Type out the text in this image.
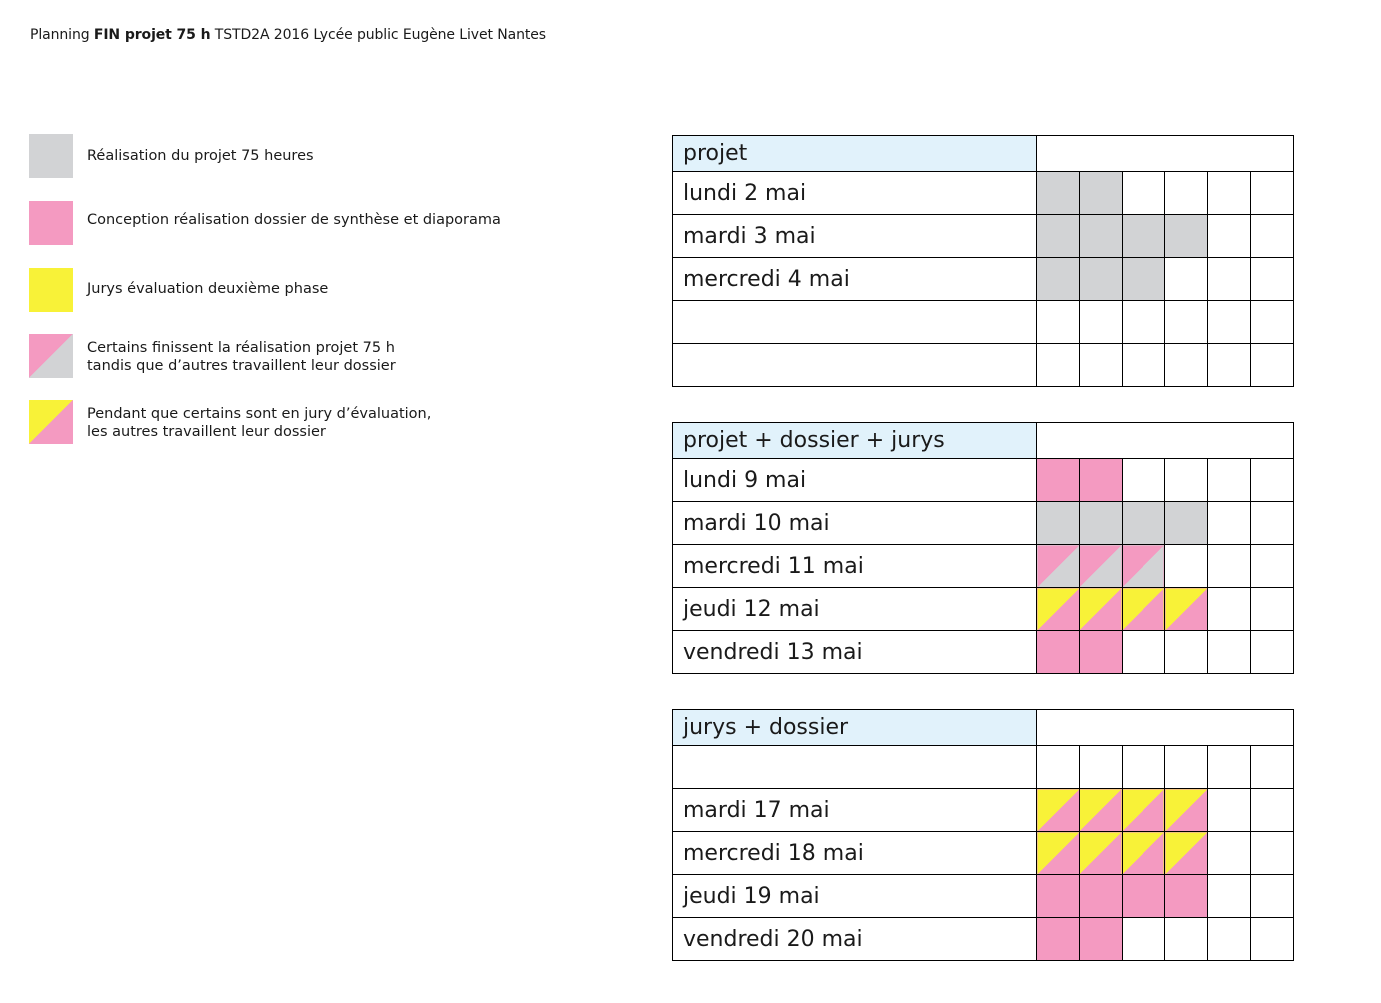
Planning FIN projet 75 h TSTD2A 2016 Lycée public Eugène Livet Nantes
Réalisation du projet 75 heures
Conception réalisation dossier de synthèse et diaporama
Jurys évaluation deuxième phase
Certains finissent la réalisation projet 75 h
tandis que d’autres travaillent leur dossier
Pendant que certains sont en jury d’évaluation,
les autres travaillent leur dossier
projet						
lundi 2 mai						
mardi 3 mai						
mercredi 4 mai						

projet + dossier + jurys						
lundi 9 mai						
mardi 10 mai						
mercredi 11 mai						
jeudi 12 mai						
vendredi 13 mai						
jurys + dossier						

mardi 17 mai						
mercredi 18 mai						
jeudi 19 mai						
vendredi 20 mai						
